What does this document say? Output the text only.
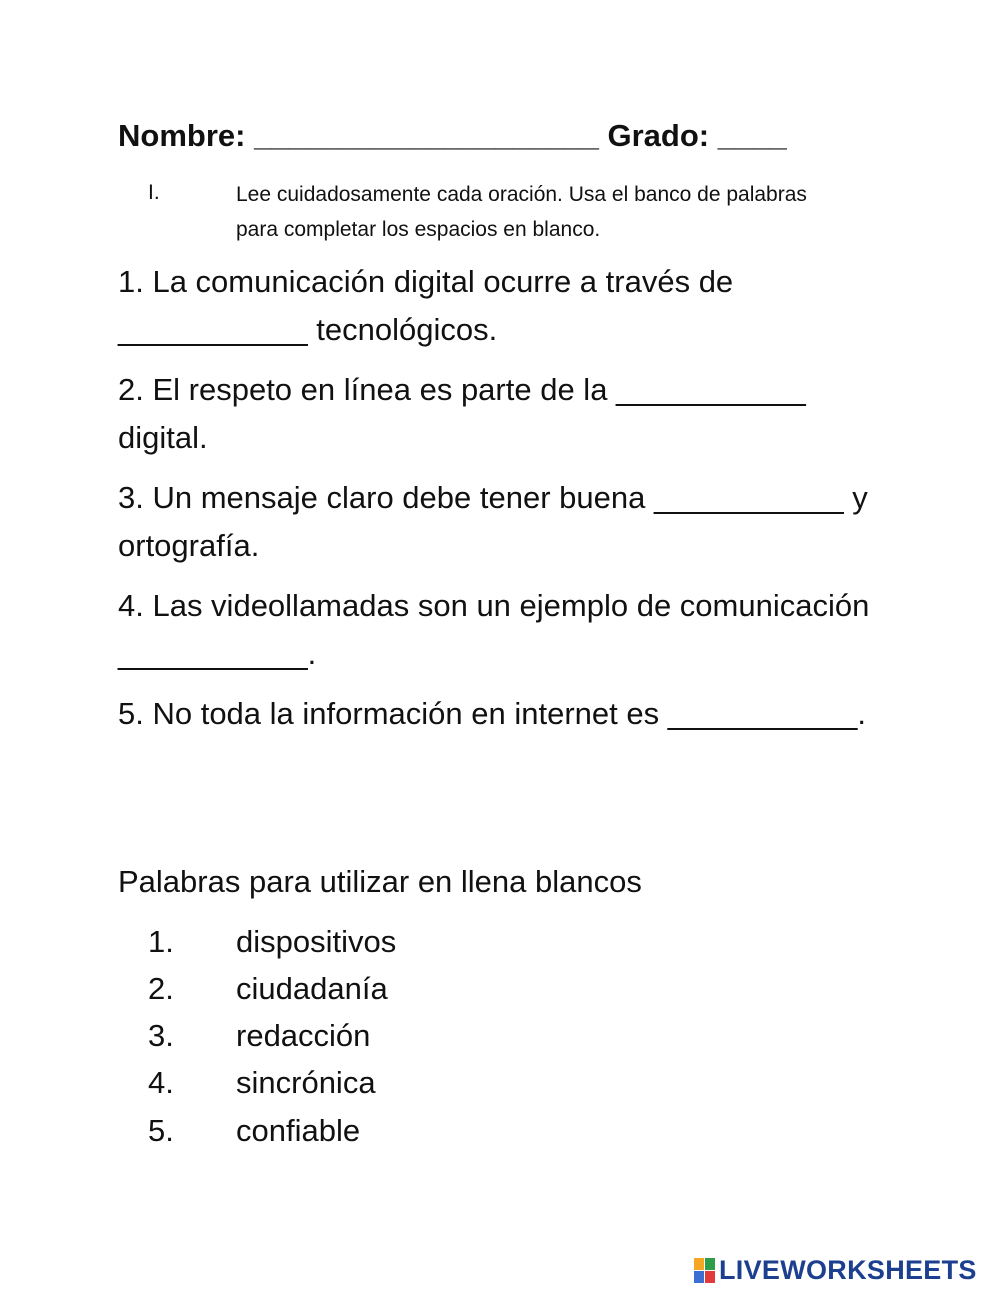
Nombre: ____________________ Grado: ____
I.	Lee cuidadosamente cada oración. Usa el banco de palabras para completar los espacios en blanco.
1. La comunicación digital ocurre a través de ___________ tecnológicos.
2. El respeto en línea es parte de la ___________ digital.
3. Un mensaje claro debe tener buena ___________ y ortografía.
4. Las videollamadas son un ejemplo de comunicación ___________.
5. No toda la información en internet es ___________.
Palabras para utilizar en llena blancos
1. dispositivos
2. ciudadanía
3. redacción
4. sincrónica
5. confiable
LIVEWORKSHEETS
